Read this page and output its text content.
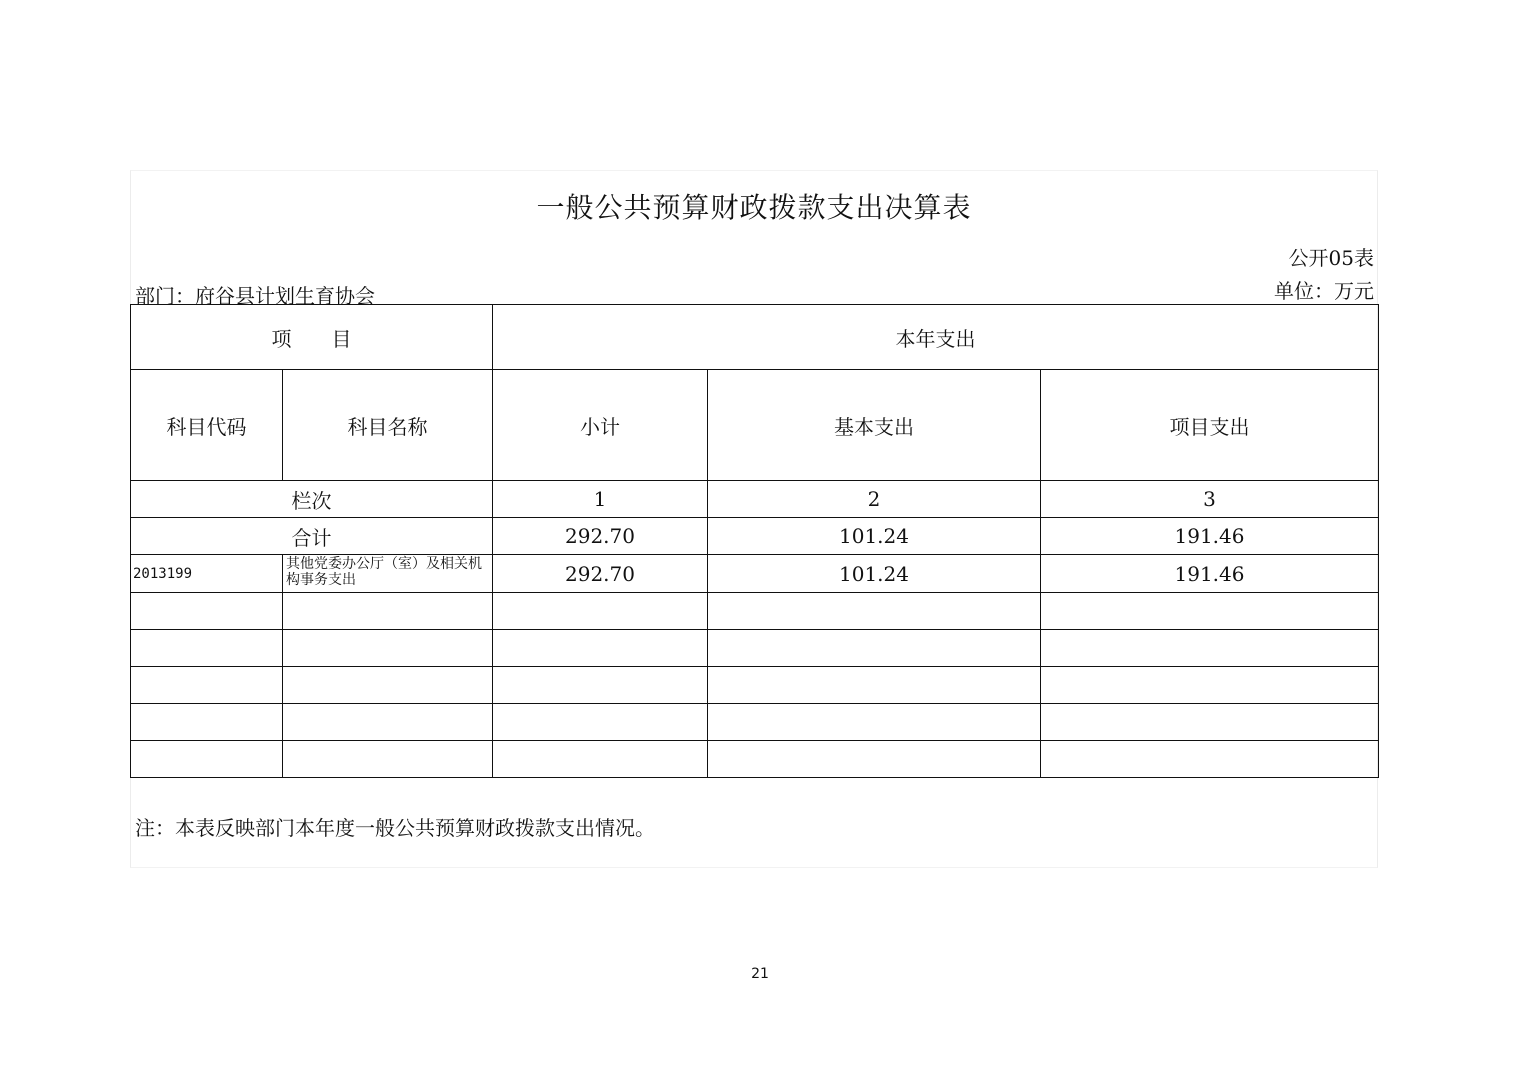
一般公共预算财政拨款支出决算表
公开05表
单位：万元
部门：府谷县计划生育协会
项　　目		本年支出		
科目代码	科目名称	小计	基本支出	项目支出
栏次		1	2	3
合计		292.70	101.24	191.46
2013199	其他党委办公厅（室）及相关机构事务支出	292.70	101.24	191.46

注：本表反映部门本年度一般公共预算财政拨款支出情况。
21
